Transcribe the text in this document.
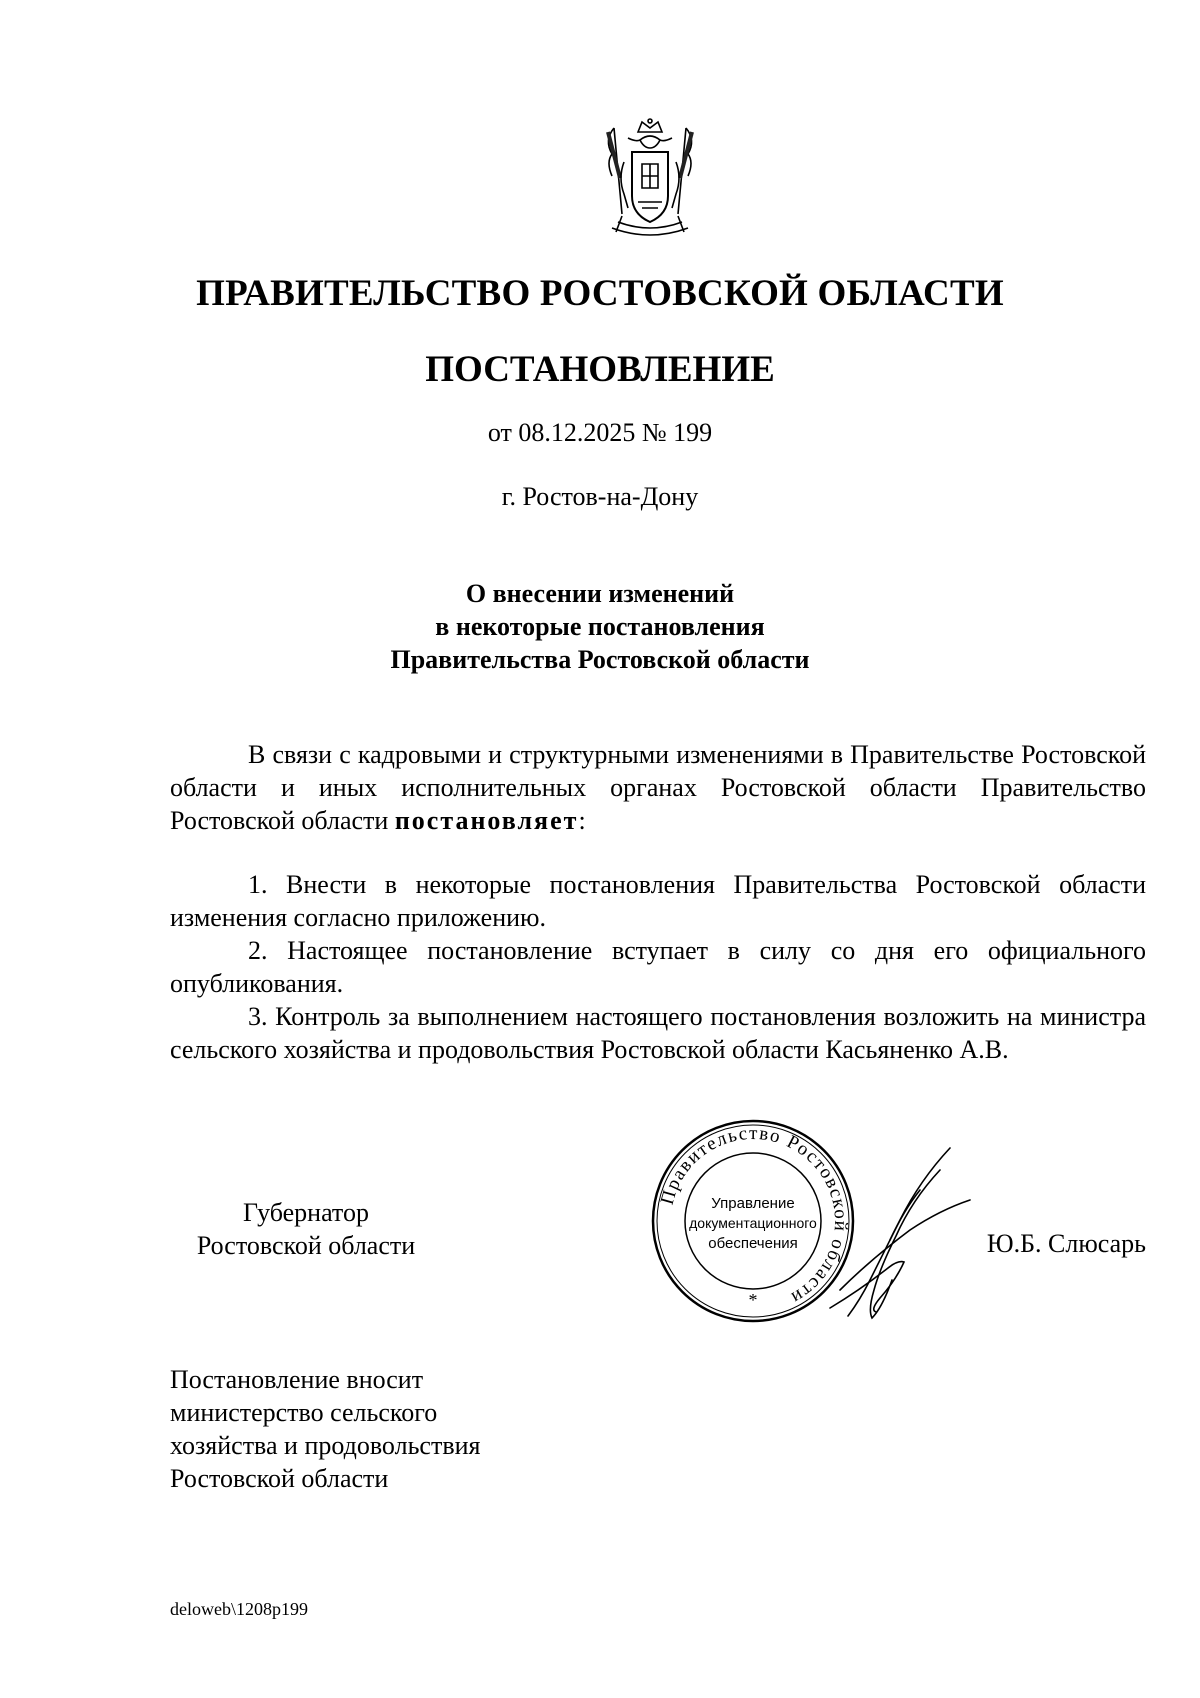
ПРАВИТЕЛЬСТВО РОСТОВСКОЙ ОБЛАСТИ
ПОСТАНОВЛЕНИЕ
от 08.12.2025 № 199
г. Ростов-на-Дону
О внесении изменений
в некоторые постановления
Правительства Ростовской области

В связи с кадровыми и структурными изменениями в Правительстве Ростовской области и иных исполнительных органах Ростовской области Правительство Ростовской области постановляет:

1. Внести в некоторые постановления Правительства Ростовской области изменения согласно приложению.

2. Настоящее постановление вступает в силу со дня его официального опубликования.

3. Контроль за выполнением настоящего постановления возложить на министра сельского хозяйства и продовольствия Ростовской области Касьяненко А.В.

Губернатор
Ростовской области
Правительство Ростовской области
Управление
документационного
обеспечения
*
Ю.Б. Слюсарь
Постановление вносит
министерство сельского
хозяйства и продовольствия
Ростовской области
deloweb\1208p199
